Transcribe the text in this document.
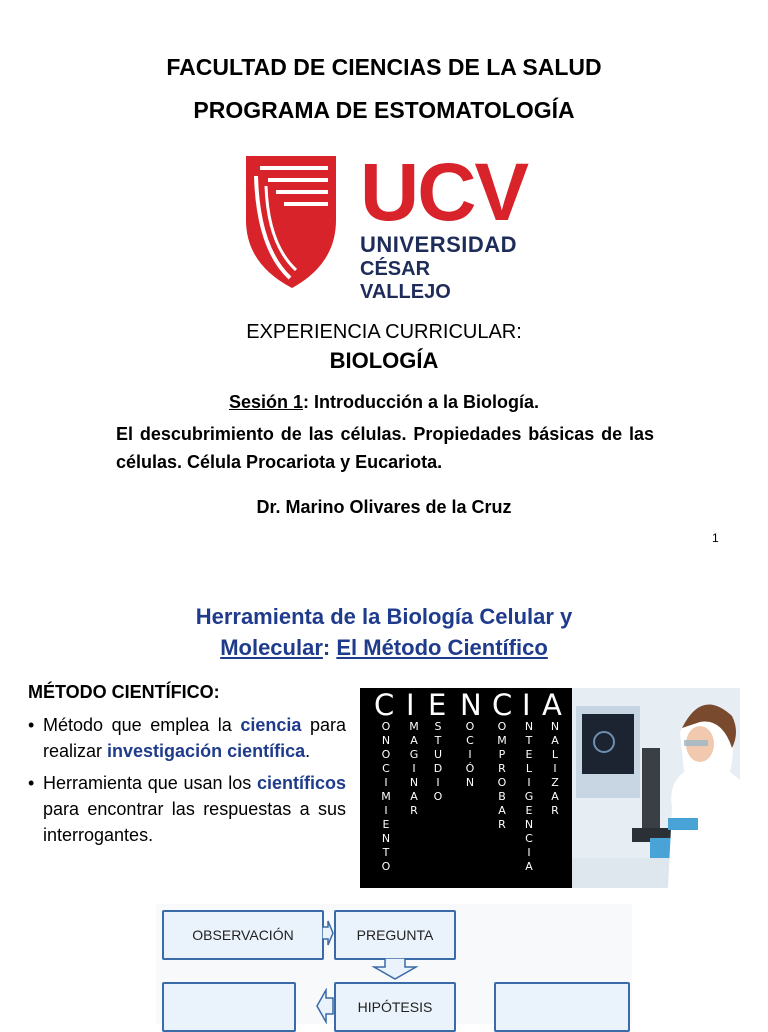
FACULTAD DE CIENCIAS DE LA SALUD
PROGRAMA DE ESTOMATOLOGÍA
UCV
UNIVERSIDAD
CÉSAR VALLEJO
EXPERIENCIA CURRICULAR:
BIOLOGÍA
Sesión 1: Introducción a la Biología.
El descubrimiento de las células. Propiedades básicas de las células. Célula Procariota y Eucariota.
Dr. Marino Olivares de la Cruz
1
Herramienta de la Biología Celular y
Molecular: El Método Científico
MÉTODO CIENTÍFICO:
• Método que emplea la ciencia para realizar investigación científica.
• Herramienta que usan los científicos para encontrar las respuestas a sus interrogantes.
C I E N C I A
O
N
O
C
I
M
I
E
N
T
O
M
A
G
I
N
A
R
S
T
U
D
I
O
O
C
I
Ó
N
O
M
P
R
O
B
A
R
N
T
E
L
I
G
E
N
C
I
A
N
A
L
I
Z
A
R
OBSERVACIÓN	PREGUNTA
HIPÓTESIS
